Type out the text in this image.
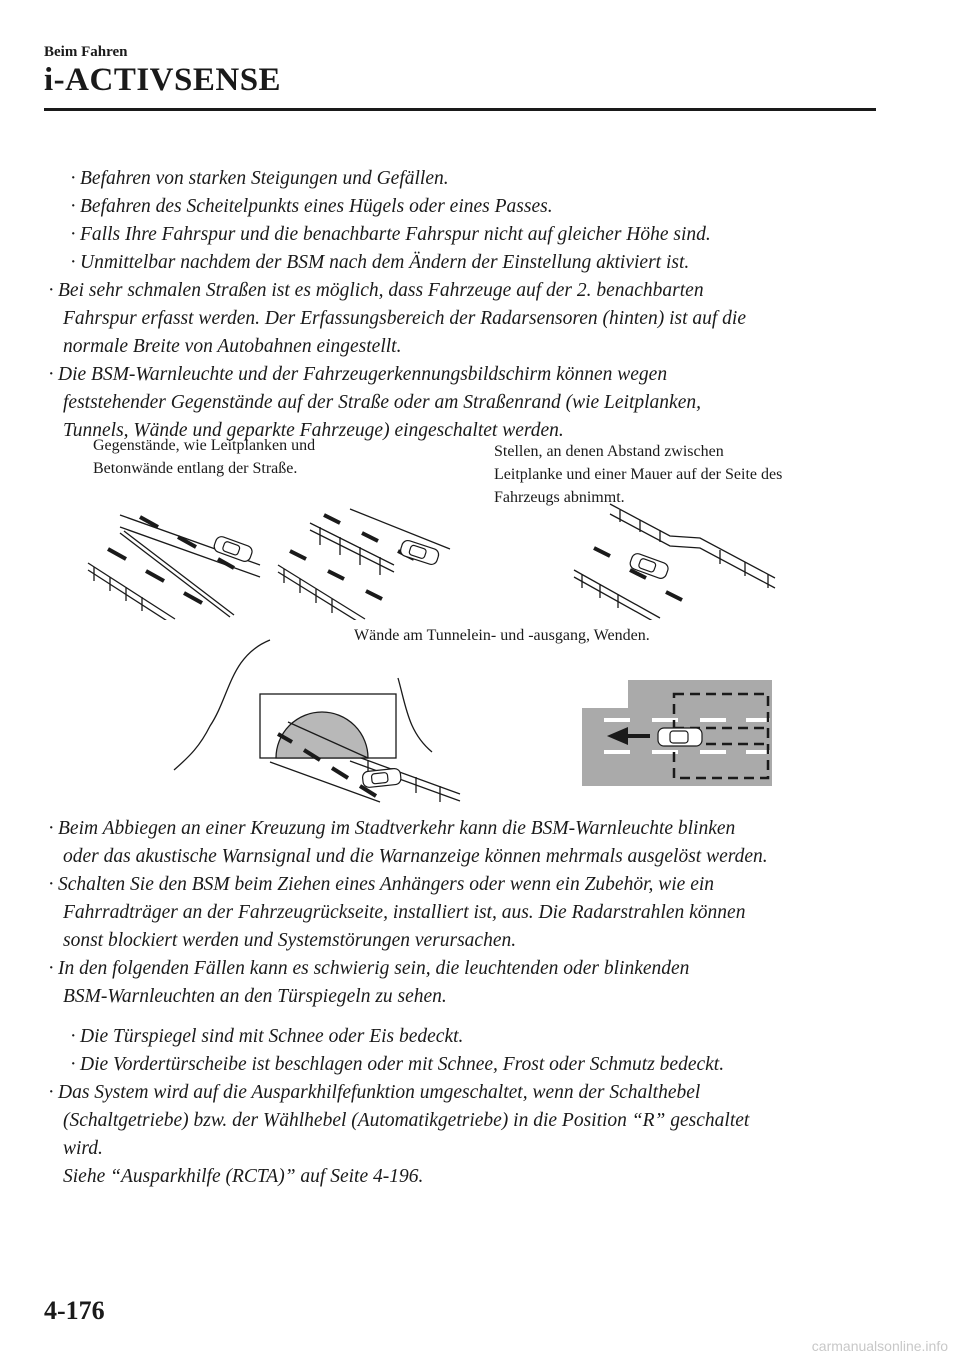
Beim Fahren
i-ACTIVSENSE
· Befahren von starken Steigungen und Gefällen.
· Befahren des Scheitelpunkts eines Hügels oder eines Passes.
· Falls Ihre Fahrspur und die benachbarte Fahrspur nicht auf gleicher Höhe sind.
· Unmittelbar nachdem der BSM nach dem Ändern der Einstellung aktiviert ist.
· Bei sehr schmalen Straßen ist es möglich, dass Fahrzeuge auf der 2. benachbarten
Fahrspur erfasst werden. Der Erfassungsbereich der Radarsensoren (hinten) ist auf die
normale Breite von Autobahnen eingestellt.
· Die BSM-Warnleuchte und der Fahrzeugerkennungsbildschirm können wegen
feststehender Gegenstände auf der Straße oder am Straßenrand (wie Leitplanken,
Tunnels, Wände und geparkte Fahrzeuge) eingeschaltet werden.
Gegenstände, wie Leitplanken und
Betonwände entlang der Straße.
Stellen, an denen Abstand zwischen
Leitplanke und einer Mauer auf der Seite des
Fahrzeugs abnimmt.
Wände am Tunnelein- und -ausgang, Wenden.
· Beim Abbiegen an einer Kreuzung im Stadtverkehr kann die BSM-Warnleuchte blinken
oder das akustische Warnsignal und die Warnanzeige können mehrmals ausgelöst werden.
· Schalten Sie den BSM beim Ziehen eines Anhängers oder wenn ein Zubehör, wie ein
Fahrradträger an der Fahrzeugrückseite, installiert ist, aus. Die Radarstrahlen können
sonst blockiert werden und Systemstörungen verursachen.
· In den folgenden Fällen kann es schwierig sein, die leuchtenden oder blinkenden
BSM-Warnleuchten an den Türspiegeln zu sehen.
· Die Türspiegel sind mit Schnee oder Eis bedeckt.
· Die Vordertürscheibe ist beschlagen oder mit Schnee, Frost oder Schmutz bedeckt.
· Das System wird auf die Ausparkhilfefunktion umgeschaltet, wenn der Schalthebel
(Schaltgetriebe) bzw. der Wählhebel (Automatikgetriebe) in die Position “R” geschaltet
wird.
Siehe “Ausparkhilfe (RCTA)” auf Seite 4-196.
4-176
carmanualsonline.info
